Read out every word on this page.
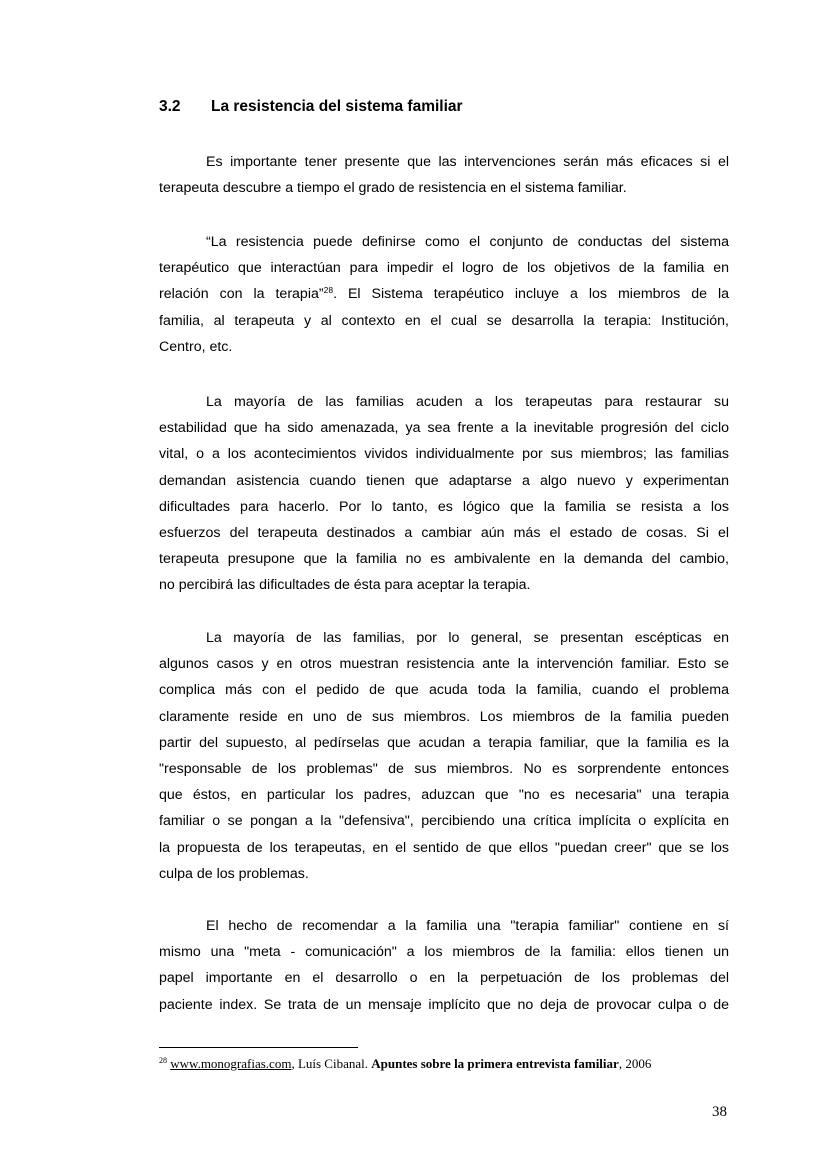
3.2 La resistencia del sistema familiar
Es importante tener presente que las intervenciones serán más eficaces si el
terapeuta descubre a tiempo el grado de resistencia en el sistema familiar.
“La resistencia puede definirse como el conjunto de conductas del sistema
terapéutico que interactúan para impedir el logro de los objetivos de la familia en
relación con la terapia”$^{28}$. El Sistema terapéutico incluye a los miembros de la
familia, al terapeuta y al contexto en el cual se desarrolla la terapia: Institución,
Centro, etc.
La mayoría de las familias acuden a los terapeutas para restaurar su
estabilidad que ha sido amenazada, ya sea frente a la inevitable progresión del ciclo
vital, o a los acontecimientos vividos individualmente por sus miembros; las familias
demandan asistencia cuando tienen que adaptarse a algo nuevo y experimentan
dificultades para hacerlo. Por lo tanto, es lógico que la familia se resista a los
esfuerzos del terapeuta destinados a cambiar aún más el estado de cosas. Si el
terapeuta presupone que la familia no es ambivalente en la demanda del cambio,
no percibirá las dificultades de ésta para aceptar la terapia.
La mayoría de las familias, por lo general, se presentan escépticas en
algunos casos y en otros muestran resistencia ante la intervención familiar. Esto se
complica más con el pedido de que acuda toda la familia, cuando el problema
claramente reside en uno de sus miembros. Los miembros de la familia pueden
partir del supuesto, al pedírselas que acudan a terapia familiar, que la familia es la
"responsable de los problemas" de sus miembros. No es sorprendente entonces
que éstos, en particular los padres, aduzcan que "no es necesaria" una terapia
familiar o se pongan a la "defensiva", percibiendo una crítica implícita o explícita en
la propuesta de los terapeutas, en el sentido de que ellos "puedan creer" que se los
culpa de los problemas.
El hecho de recomendar a la familia una "terapia familiar" contiene en sí
mismo una "meta - comunicación" a los miembros de la familia: ellos tienen un
papel importante en el desarrollo o en la perpetuación de los problemas del
paciente index. Se trata de un mensaje implícito que no deja de provocar culpa o de
$^{28}$ www.monografias.com, Luís Cibanal. Apuntes sobre la primera entrevista familiar, 2006
38
